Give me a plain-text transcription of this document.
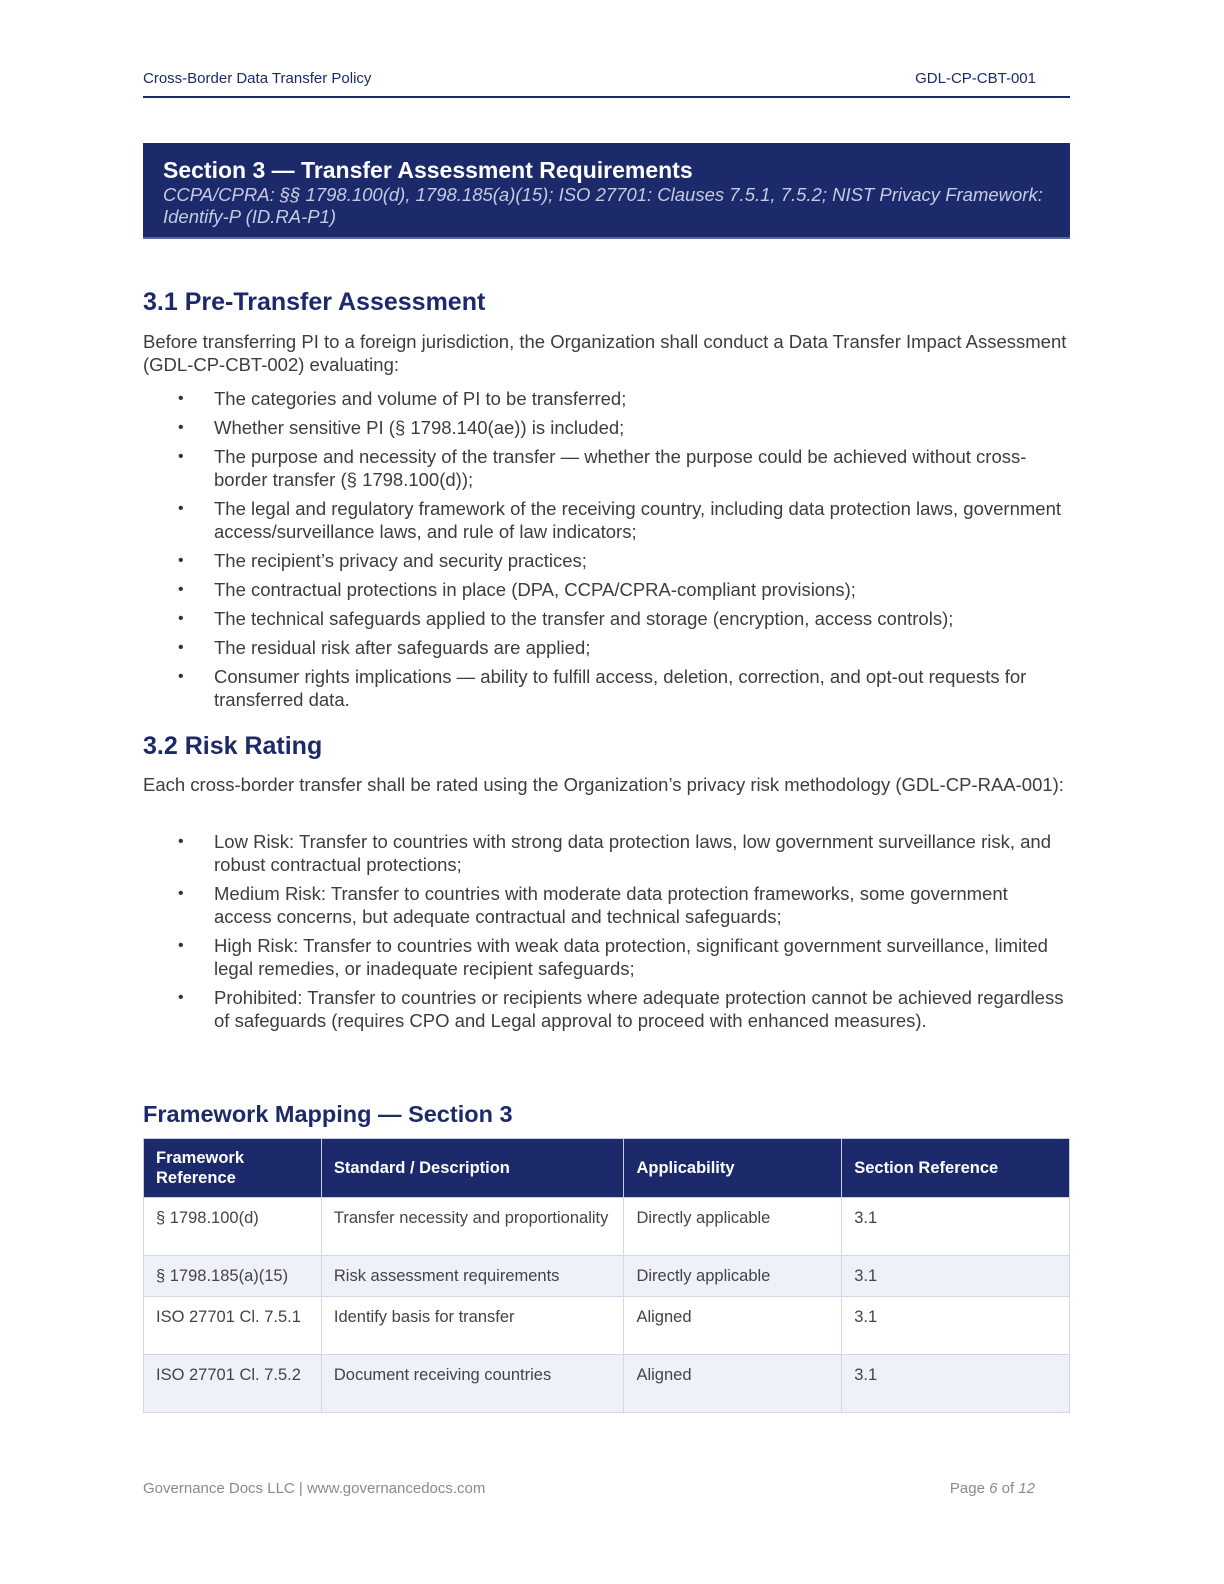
Cross-Border Data Transfer Policy	GDL-CP-CBT-001
Section 3 — Transfer Assessment Requirements
CCPA/CPRA: §§ 1798.100(d), 1798.185(a)(15); ISO 27701: Clauses 7.5.1, 7.5.2; NIST Privacy Framework: Identify-P (ID.RA-P1)
3.1 Pre-Transfer Assessment

Before transferring PI to a foreign jurisdiction, the Organization shall conduct a Data Transfer Impact Assessment (GDL-CP-CBT-002) evaluating:

• The categories and volume of PI to be transferred;
• Whether sensitive PI (§ 1798.140(ae)) is included;
• The purpose and necessity of the transfer — whether the purpose could be achieved without cross-border transfer (§ 1798.100(d));
• The legal and regulatory framework of the receiving country, including data protection laws, government access/surveillance laws, and rule of law indicators;
• The recipient’s privacy and security practices;
• The contractual protections in place (DPA, CCPA/CPRA-compliant provisions);
• The technical safeguards applied to the transfer and storage (encryption, access controls);
• The residual risk after safeguards are applied;
• Consumer rights implications — ability to fulfill access, deletion, correction, and opt-out requests for transferred data.
3.2 Risk Rating

Each cross-border transfer shall be rated using the Organization’s privacy risk methodology (GDL-CP-RAA-001):

• Low Risk: Transfer to countries with strong data protection laws, low government surveillance risk, and robust contractual protections;
• Medium Risk: Transfer to countries with moderate data protection frameworks, some government access concerns, but adequate contractual and technical safeguards;
• High Risk: Transfer to countries with weak data protection, significant government surveillance, limited legal remedies, or inadequate recipient safeguards;
• Prohibited: Transfer to countries or recipients where adequate protection cannot be achieved regardless of safeguards (requires CPO and Legal approval to proceed with enhanced measures).
Framework Mapping — Section 3
Framework Reference	Standard / Description	Applicability	Section Reference
§ 1798.100(d)	Transfer necessity and proportionality	Directly applicable	3.1
§ 1798.185(a)(15)	Risk assessment requirements	Directly applicable	3.1
ISO 27701 Cl. 7.5.1	Identify basis for transfer	Aligned	3.1
ISO 27701 Cl. 7.5.2	Document receiving countries	Aligned	3.1
Governance Docs LLC | www.governancedocs.com	Page 6 of 12
